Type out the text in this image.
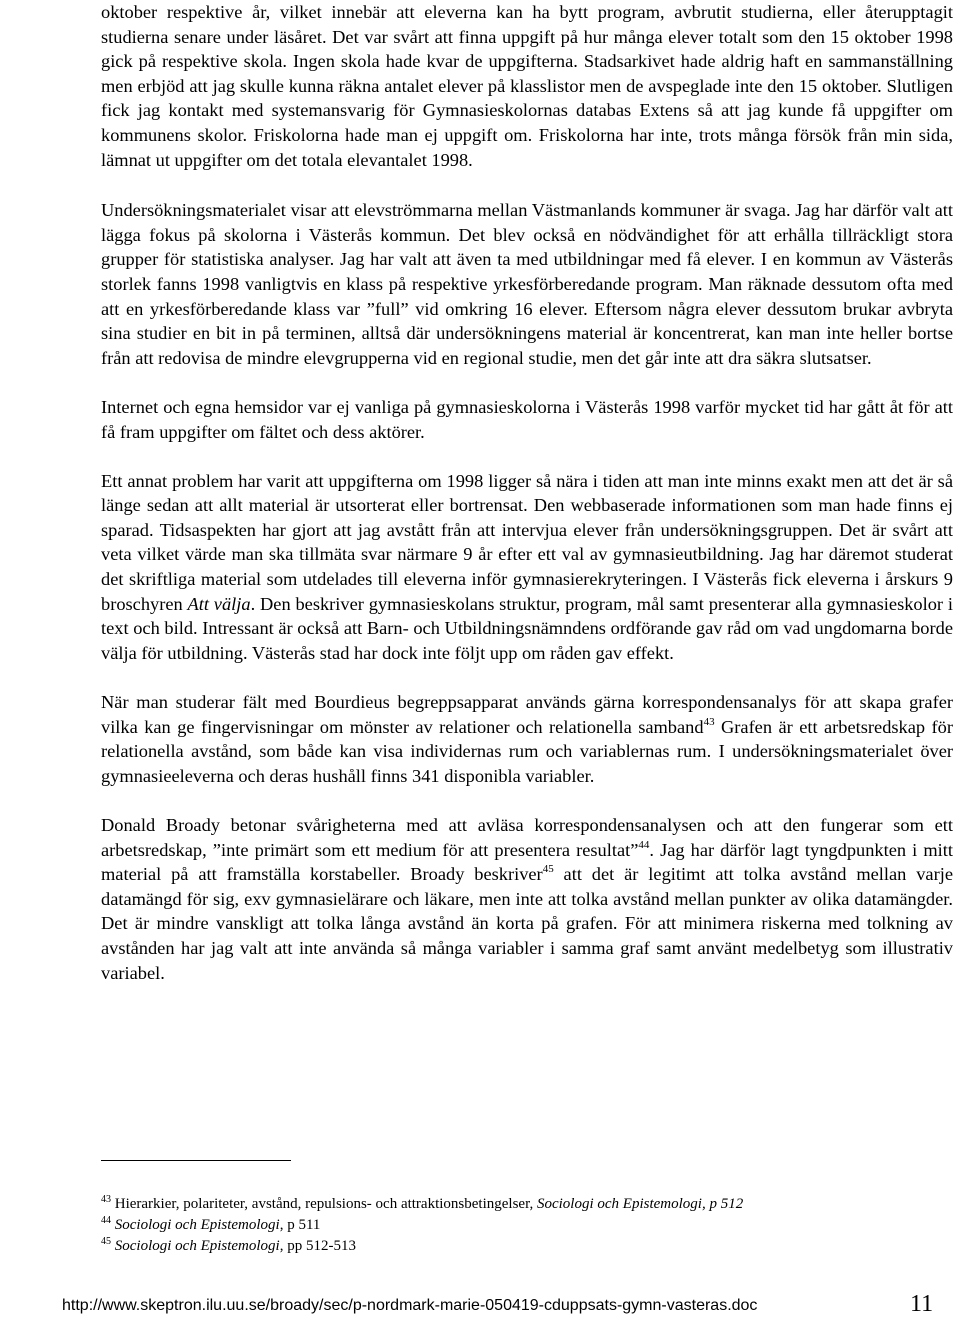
oktober respektive år, vilket innebär att eleverna kan ha bytt program, avbrutit studierna, eller återupptagit studierna senare under läsåret. Det var svårt att finna uppgift på hur många elever totalt som den 15 oktober 1998 gick på respektive skola. Ingen skola hade kvar de uppgifterna. Stadsarkivet hade aldrig haft en sammanställning men erbjöd att jag skulle kunna räkna antalet elever på klasslistor men de avspeglade inte den 15 oktober. Slutligen fick jag kontakt med systemansvarig för Gymnasieskolornas databas Extens så att jag kunde få uppgifter om kommunens skolor. Friskolorna hade man ej uppgift om. Friskolorna har inte, trots många försök från min sida, lämnat ut uppgifter om det totala elevantalet 1998.

Undersökningsmaterialet visar att elevströmmarna mellan Västmanlands kommuner är svaga. Jag har därför valt att lägga fokus på skolorna i Västerås kommun. Det blev också en nödvändighet för att erhålla tillräckligt stora grupper för statistiska analyser. Jag har valt att även ta med utbildningar med få elever. I en kommun av Västerås storlek fanns 1998 vanligtvis en klass på respektive yrkesförberedande program. Man räknade dessutom ofta med att en yrkesförberedande klass var ”full” vid omkring 16 elever. Eftersom några elever dessutom brukar avbryta sina studier en bit in på terminen, alltså där undersökningens material är koncentrerat, kan man inte heller bortse från att redovisa de mindre elevgrupperna vid en regional studie, men det går inte att dra säkra slutsatser.

Internet och egna hemsidor var ej vanliga på gymnasieskolorna i Västerås 1998 varför mycket tid har gått åt för att få fram uppgifter om fältet och dess aktörer.

Ett annat problem har varit att uppgifterna om 1998 ligger så nära i tiden att man inte minns exakt men att det är så länge sedan att allt material är utsorterat eller bortrensat. Den webbaserade informationen som man hade finns ej sparad. Tidsaspekten har gjort att jag avstått från att intervjua elever från undersökningsgruppen. Det är svårt att veta vilket värde man ska tillmäta svar närmare 9 år efter ett val av gymnasieutbildning. Jag har däremot studerat det skriftliga material som utdelades till eleverna inför gymnasierekryteringen. I Västerås fick eleverna i årskurs 9 broschyren Att välja. Den beskriver gymnasieskolans struktur, program, mål samt presenterar alla gymnasieskolor i text och bild. Intressant är också att Barn- och Utbildningsnämndens ordförande gav råd om vad ungdomarna borde välja för utbildning. Västerås stad har dock inte följt upp om råden gav effekt.

När man studerar fält med Bourdieus begreppsapparat används gärna korrespondensanalys för att skapa grafer vilka kan ge fingervisningar om mönster av relationer och relationella samband$^{43}$ Grafen är ett arbetsredskap för relationella avstånd, som både kan visa individernas rum och variablernas rum. I undersökningsmaterialet över gymnasieeleverna och deras hushåll finns 341 disponibla variabler.

Donald Broady betonar svårigheterna med att avläsa korrespondensanalysen och att den fungerar som ett arbetsredskap, ”inte primärt som ett medium för att presentera resultat”$^{44}$. Jag har därför lagt tyngdpunkten i mitt material på att framställa korstabeller. Broady beskriver$^{45}$ att det är legitimt att tolka avstånd mellan varje datamängd för sig, exv gymnasielärare och läkare, men inte att tolka avstånd mellan punkter av olika datamängder. Det är mindre vanskligt att tolka långa avstånd än korta på grafen. För att minimera riskerna med tolkning av avstånden har jag valt att inte använda så många variabler i samma graf samt använt medelbetyg som illustrativ variabel.

$^{43}$ Hierarkier, polariteter, avstånd, repulsions- och attraktionsbetingelser, Sociologi och Epistemologi, p 512
$^{44}$ Sociologi och Epistemologi, p 511
$^{45}$ Sociologi och Epistemologi, pp 512-513
http://www.skeptron.ilu.uu.se/broady/sec/p-nordmark-marie-050419-cduppsats-gymn-vasteras.doc	11
